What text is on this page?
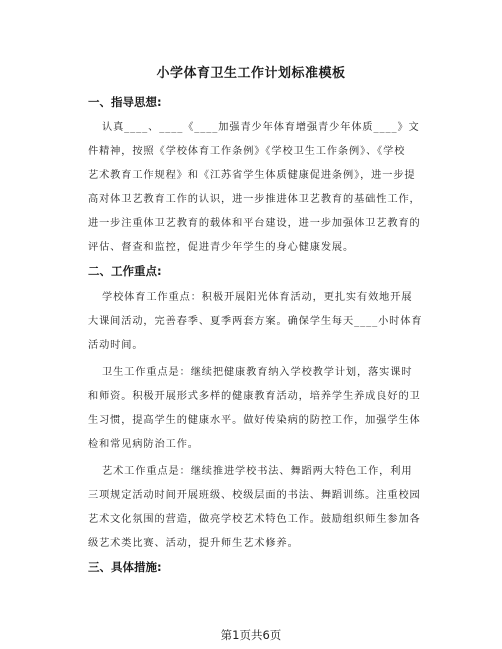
小学体育卫生工作计划标准模板
一、指导思想:
认真____、____《____加强青少年体育增强青少年体质____》文
件精神，按照《学校体育工作条例》《学校卫生工作条例》、《学校
艺术教育工作规程》和《江苏省学生体质健康促进条例》，进一步提
高对体卫艺教育工作的认识，进一步推进体卫艺教育的基础性工作，
进一步注重体卫艺教育的载体和平台建设，进一步加强体卫艺教育的
评估、督查和监控，促进青少年学生的身心健康发展。
二、工作重点:
学校体育工作重点：积极开展阳光体育活动，更扎实有效地开展
大课间活动，完善春季、夏季两套方案。确保学生每天____小时体育
活动时间。
卫生工作重点是：继续把健康教育纳入学校教学计划，落实课时
和师资。积极开展形式多样的健康教育活动，培养学生养成良好的卫
生习惯，提高学生的健康水平。做好传染病的防控工作，加强学生体
检和常见病防治工作。
艺术工作重点是：继续推进学校书法、舞蹈两大特色工作，利用
三项规定活动时间开展班级、校级层面的书法、舞蹈训练。注重校园
艺术文化氛围的营造，做亮学校艺术特色工作。鼓励组织师生参加各
级艺术类比赛、活动，提升师生艺术修养。
三、具体措施:
第1页共6页
